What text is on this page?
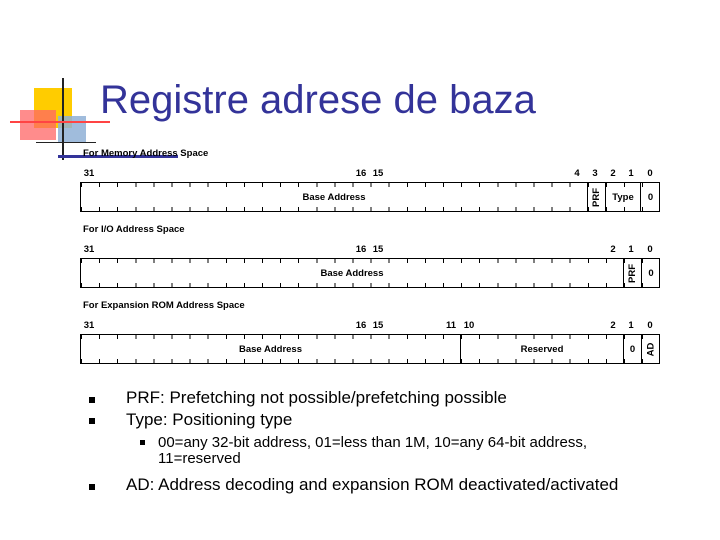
Registre adrese de baza
For Memory Address Space
31	16 15	4 3 2 1 0
Base Address	PRF	Type	0
For I/O Address Space
31	16 15	2 1 0
Base Address	PRF	0
For Expansion ROM Address Space
31	16 15	11 10	2 1 0
Base Address	Reserved	0	AD
PRF: Prefetching not possible/prefetching possible
Type: Positioning type
00=any 32-bit address, 01=less than 1M, 10=any 64-bit address, 11=reserved
AD: Address decoding and expansion ROM deactivated/activated
